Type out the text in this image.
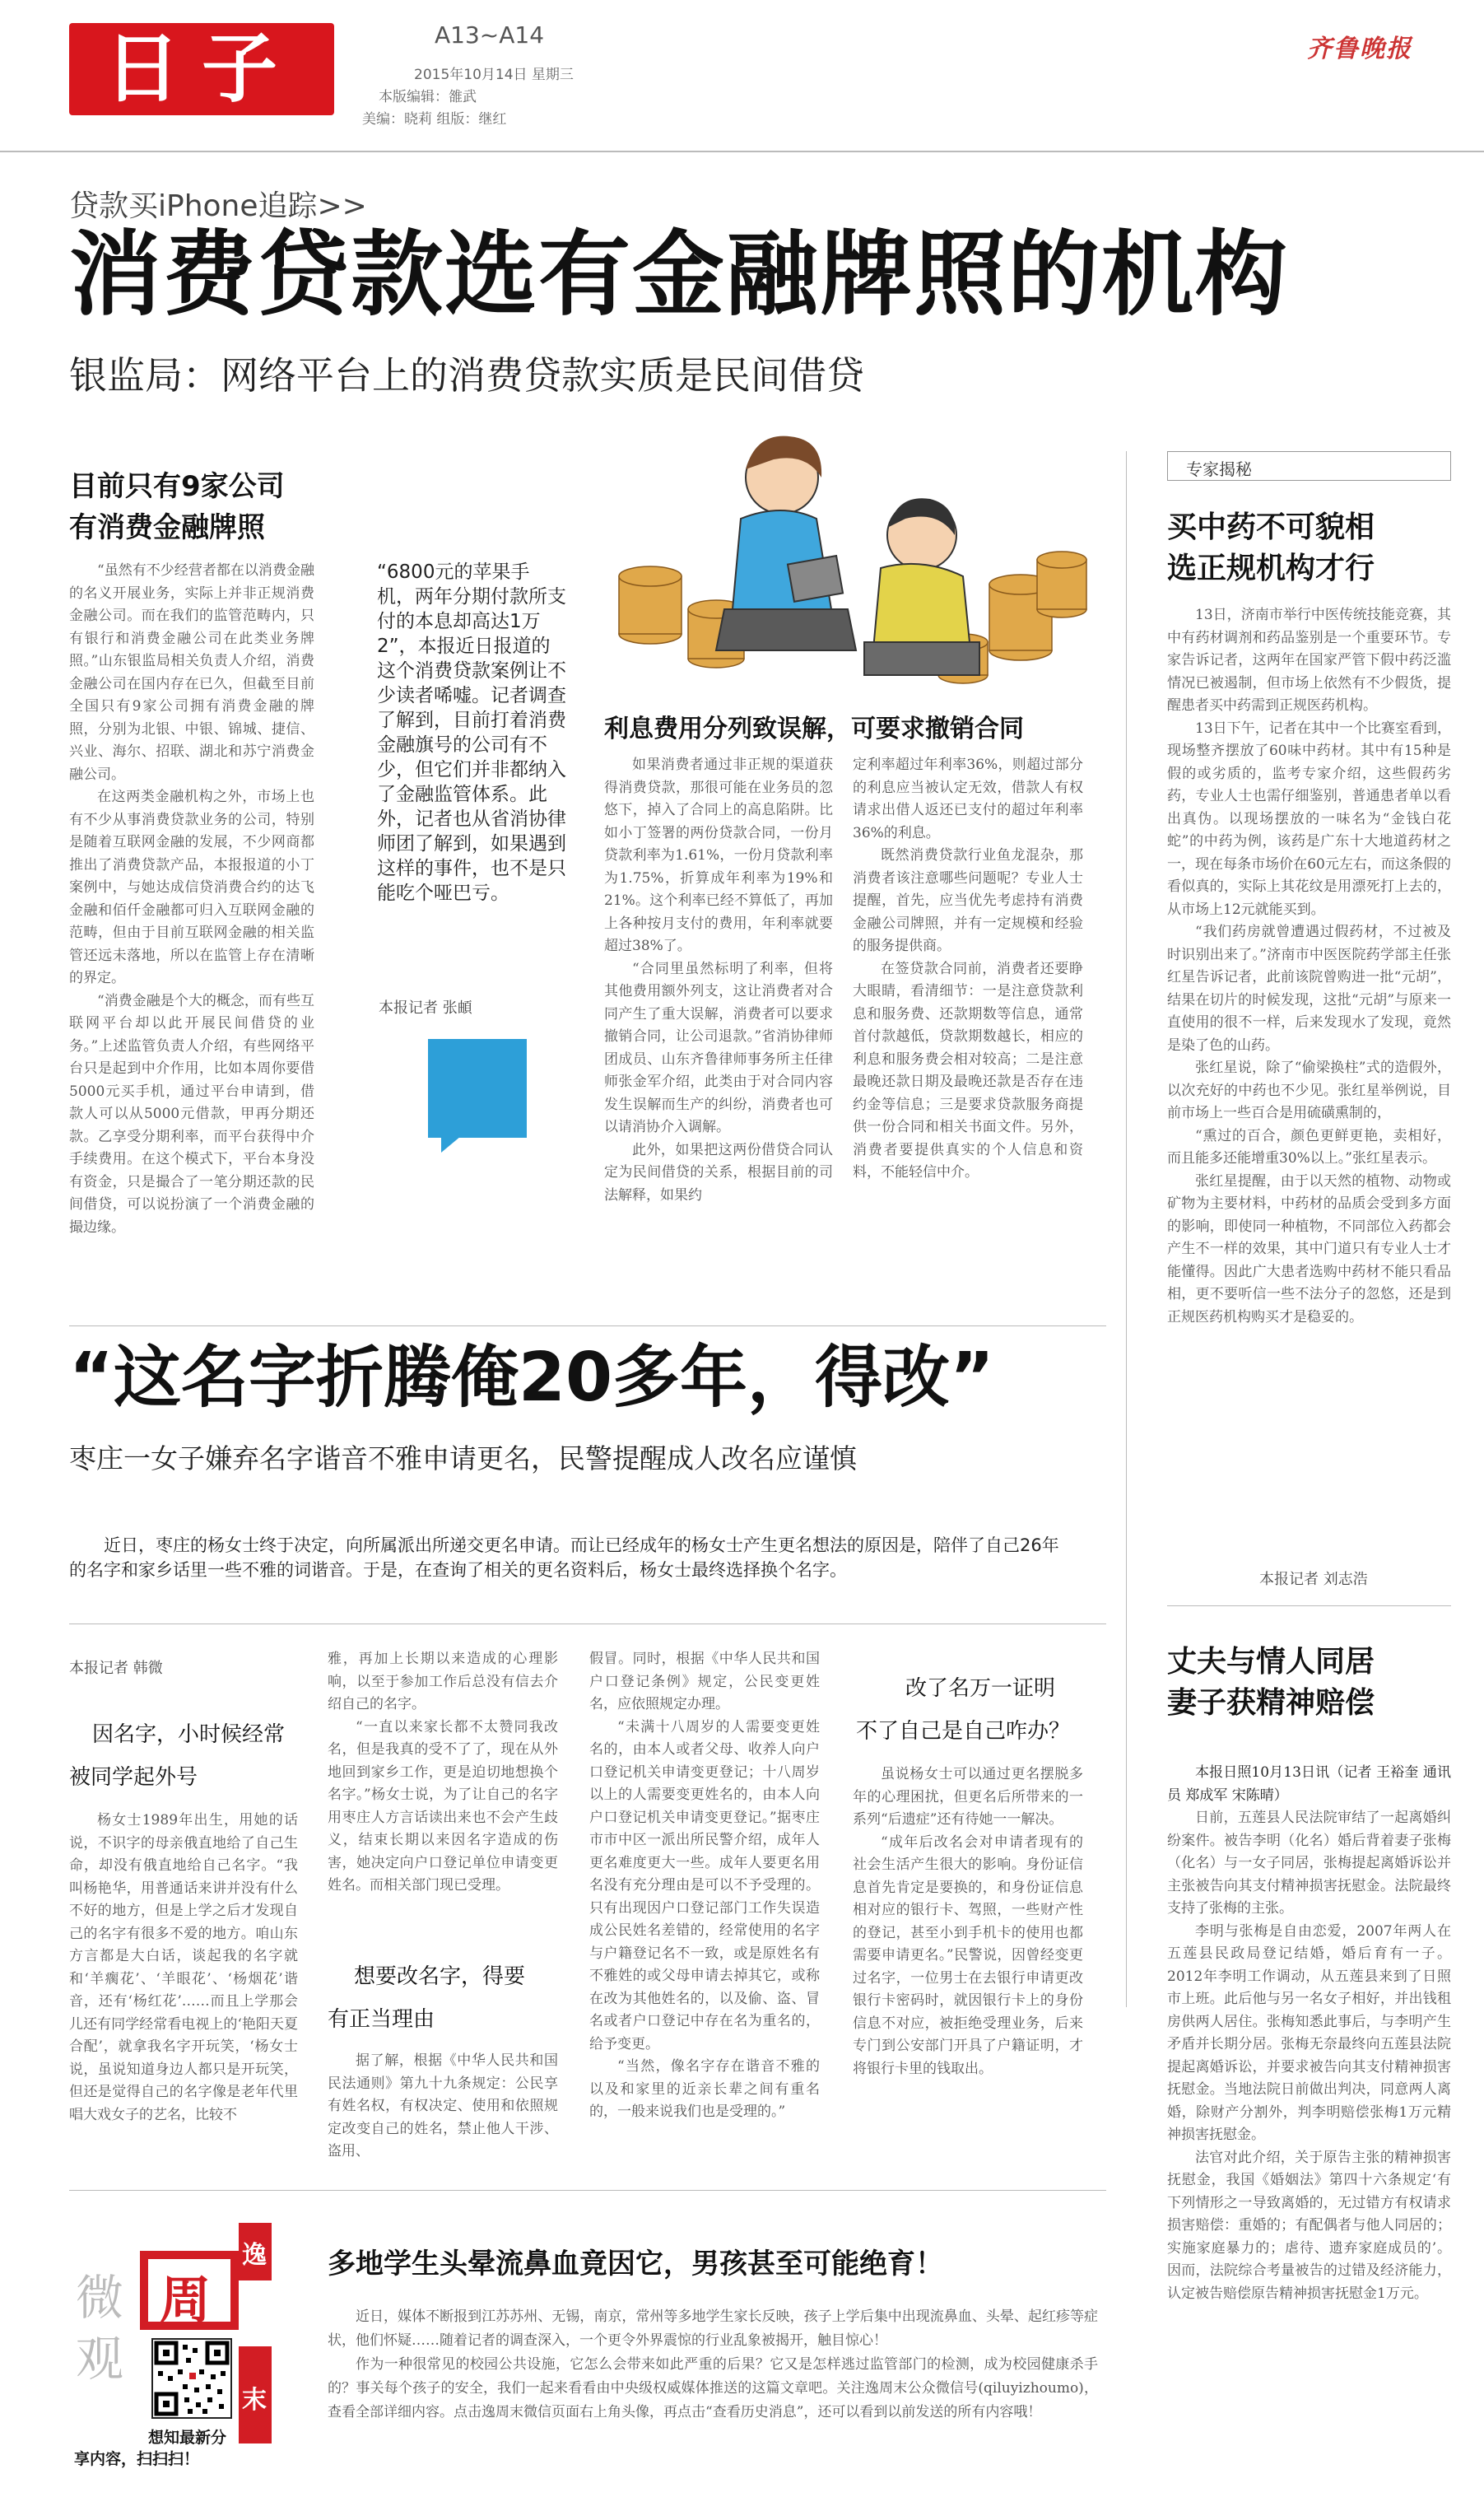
日子	A13~A14
2015年10月14日 星期三
本版编辑：雒武
美编：晓莉 组版：继红
齐鲁晚报
贷款买iPhone追踪>>
消费贷款选有金融牌照的机构
银监局：网络平台上的消费贷款实质是民间借贷
目前只有9家公司
有消费金融牌照

“虽然有不少经营者都在以消费金融的名义开展业务，实际上并非正规消费金融公司。而在我们的监管范畴内，只有银行和消费金融公司在此类业务牌照。”山东银监局相关负责人介绍，消费金融公司在国内存在已久，但截至目前全国只有9家公司拥有消费金融的牌照，分别为北银、中银、锦城、捷信、兴业、海尔、招联、湖北和苏宁消费金融公司。

在这两类金融机构之外，市场上也有不少从事消费贷款业务的公司，特别是随着互联网金融的发展，不少网商都推出了消费贷款产品，本报报道的小丁案例中，与她达成信贷消费合约的达飞金融和佰仟金融都可归入互联网金融的范畴，但由于目前互联网金融的相关监管还远未落地，所以在监管上存在清晰的界定。

“消费金融是个大的概念，而有些互联网平台却以此开展民间借贷的业务。”上述监管负责人介绍，有些网络平台只是起到中介作用，比如本周你要借5000元买手机，通过平台申请到，借款人可以从5000元借款，甲再分期还款。乙享受分期利率，而平台获得中介手续费用。在这个模式下，平台本身没有资金，只是撮合了一笔分期还款的民间借贷，可以说扮演了一个消费金融的撮边缘。

“6800元的苹果手机，两年分期付款所支付的本息却高达1万2”，本报近日报道的这个消费贷款案例让不少读者唏嘘。记者调查了解到，目前打着消费金融旗号的公司有不少，但它们并非都纳入了金融监管体系。此外，记者也从省消协律师团了解到，如果遇到这样的事件，也不是只能吃个哑巴亏。
本报记者 张頔
利息费用分列致误解，可要求撤销合同

如果消费者通过非正规的渠道获得消费贷款，那很可能在业务员的忽悠下，掉入了合同上的高息陷阱。比如小丁签署的两份贷款合同，一份月贷款利率为1.61%，一份月贷款利率为1.75%，折算成年利率为19%和21%。这个利率已经不算低了，再加上各种按月支付的费用，年利率就要超过38%了。

“合同里虽然标明了利率，但将其他费用额外列支，这让消费者对合同产生了重大误解，消费者可以要求撤销合同，让公司退款。”省消协律师团成员、山东齐鲁律师事务所主任律师张金军介绍，此类由于对合同内容发生误解而生产的纠纷，消费者也可以请消协介入调解。

此外，如果把这两份借贷合同认定为民间借贷的关系，根据目前的司法解释，如果约

定利率超过年利率36%，则超过部分的利息应当被认定无效，借款人有权请求出借人返还已支付的超过年利率36%的利息。

既然消费贷款行业鱼龙混杂，那消费者该注意哪些问题呢？专业人士提醒，首先，应当优先考虑持有消费金融公司牌照，并有一定规模和经验的服务提供商。

在签贷款合同前，消费者还要睁大眼睛，看清细节：一是注意贷款利息和服务费、还款期数等信息，通常首付款越低，贷款期数越长，相应的利息和服务费会相对较高；二是注意最晚还款日期及最晚还款是否存在违约金等信息；三是要求贷款服务商提供一份合同和相关书面文件。另外，消费者要提供真实的个人信息和资料，不能轻信中介。

专家揭秘
买中药不可貌相
选正规机构才行

13日，济南市举行中医传统技能竞赛，其中有药材调剂和药品鉴别是一个重要环节。专家告诉记者，这两年在国家严管下假中药泛滥情况已被遏制，但市场上依然有不少假货，提醒患者买中药需到正规医药机构。

13日下午，记者在其中一个比赛室看到，现场整齐摆放了60味中药材。其中有15种是假的或劣质的，监考专家介绍，这些假药劣药，专业人士也需仔细鉴别，普通患者单以看出真伪。以现场摆放的一味名为“金钱白花蛇”的中药为例，该药是广东十大地道药材之一，现在每条市场价在60元左右，而这条假的看似真的，实际上其花纹是用漂死打上去的，从市场上12元就能买到。

“我们药房就曾遭遇过假药材，不过被及时识别出来了。”济南市中医医院药学部主任张红星告诉记者，此前该院曾购进一批“元胡”，结果在切片的时候发现，这批“元胡”与原来一直使用的很不一样，后来发现水了发现，竟然是染了色的山药。

张红星说，除了“偷梁换柱”式的造假外，以次充好的中药也不少见。张红星举例说，目前市场上一些百合是用硫磺熏制的，

“熏过的百合，颜色更鲜更艳，卖相好，而且能多还能增重30%以上。”张红星表示。

张红星提醒，由于以天然的植物、动物或矿物为主要材料，中药材的品质会受到多方面的影响，即使同一种植物，不同部位入药都会产生不一样的效果，其中门道只有专业人士才能懂得。因此广大患者选购中药材不能只看品相，更不要听信一些不法分子的忽悠，还是到正规医药机构购买才是稳妥的。

本报记者 刘志浩
丈夫与情人同居
妻子获精神赔偿

本报日照10月13日讯（记者 王裕奎 通讯员 郑成军 宋陈晴）

日前，五莲县人民法院审结了一起离婚纠纷案件。被告李明（化名）婚后背着妻子张梅（化名）与一女子同居，张梅提起离婚诉讼并主张被告向其支付精神损害抚慰金。法院最终支持了张梅的主张。

李明与张梅是自由恋爱，2007年两人在五莲县民政局登记结婚，婚后育有一子。2012年李明工作调动，从五莲县来到了日照市上班。此后他与另一名女子相好，并出钱租房供两人居住。张梅知悉此事后，与李明产生矛盾并长期分居。张梅无奈最终向五莲县法院提起离婚诉讼，并要求被告向其支付精神损害抚慰金。当地法院日前做出判决，同意两人离婚，除财产分割外，判李明赔偿张梅1万元精神损害抚慰金。

法官对此介绍，关于原告主张的精神损害抚慰金，我国《婚姻法》第四十六条规定‘有下列情形之一导致离婚的，无过错方有权请求损害赔偿：重婚的；有配偶者与他人同居的；实施家庭暴力的；虐待、遗弃家庭成员的’。因而，法院综合考量被告的过错及经济能力，认定被告赔偿原告精神损害抚慰金1万元。

“这名字折腾俺20多年，得改”
枣庄一女子嫌弃名字谐音不雅申请更名，民警提醒成人改名应谨慎
近日，枣庄的杨女士终于决定，向所属派出所递交更名申请。而让已经成年的杨女士产生更名想法的原因是，陪伴了自己26年的名字和家乡话里一些不雅的词谐音。于是，在查询了相关的更名资料后，杨女士最终选择换个名字。
本报记者 韩微
因名字，小时候经常
被同学起外号

杨女士1989年出生，用她的话说，不识字的母亲俄直地给了自己生命，却没有俄直地给自己名字。“我叫杨艳华，用普通话来讲并没有什么不好的地方，但是上学之后才发现自己的名字有很多不爱的地方。咱山东方言都是大白话，谈起我的名字就和‘羊瘸花’、‘羊眼花’、‘杨烟花’谐音，还有‘杨红花’……而且上学那会儿还有同学经常看电视上的‘艳阳天夏合配’，就拿我名字开玩笑，‘杨女士说，虽说知道身边人都只是开玩笑，但还是觉得自己的名字像是老年代里唱大戏女子的艺名，比较不

雅，再加上长期以来造成的心理影响，以至于参加工作后总没有信去介绍自己的名字。

“一直以来家长都不太赞同我改名，但是我真的受不了了，现在从外地回到家乡工作，更是迫切地想换个名字。”杨女士说，为了让自己的名字用枣庄人方言话读出来也不会产生歧义，结束长期以来因名字造成的伤害，她决定向户口登记单位申请变更姓名。而相关部门现已受理。

想要改名字，得要
有正当理由

据了解，根据《中华人民共和国民法通则》第九十九条规定：公民享有姓名权，有权决定、使用和依照规定改变自己的姓名，禁止他人干涉、盗用、

假冒。同时，根据《中华人民共和国户口登记条例》规定，公民变更姓名，应依照规定办理。

“未满十八周岁的人需要变更姓名的，由本人或者父母、收养人向户口登记机关申请变更登记；十八周岁以上的人需要变更姓名的，由本人向户口登记机关申请变更登记。”据枣庄市市中区一派出所民警介绍，成年人更名难度更大一些。成年人要更名用名没有充分理由是可以不予受理的。只有出现因户口登记部门工作失误造成公民姓名差错的，经常使用的名字与户籍登记名不一致，或是原姓名有不雅姓的或父母申请去掉其它，或称在改为其他姓名的，以及偷、盗、冒名或者户口登记中存在名为重名的，给予变更。

“当然，像名字存在谐音不雅的以及和家里的近亲长辈之间有重名的，一般来说我们也是受理的。”

改了名万一证明
不了自己是自己咋办？

虽说杨女士可以通过更名摆脱多年的心理困扰，但更名后所带来的一系列“后遗症”还有待她一一解决。

“成年后改名会对申请者现有的社会生活产生很大的影响。身份证信息首先肯定是要换的，和身份证信息相对应的银行卡、驾照，一些财产性的登记，甚至小到手机卡的使用也都需要申请更名。”民警说，因曾经变更过名字，一位男士在去银行申请更改银行卡密码时，就因银行卡上的身份信息不对应，被拒绝受理业务，后来专门到公安部门开具了户籍证明，才将银行卡里的钱取出。

微
观
周
逸
末
想知最新分
享内容，扫扫扫！
多地学生头晕流鼻血竟因它，男孩甚至可能绝育！

近日，媒体不断报到江苏苏州、无锡，南京，常州等多地学生家长反映，孩子上学后集中出现流鼻血、头晕、起红疹等症状，他们怀疑……随着记者的调查深入，一个更令外界震惊的行业乱象被揭开，触目惊心！

作为一种很常见的校园公共设施，它怎么会带来如此严重的后果？它又是怎样逃过监管部门的检测，成为校园健康杀手的？事关每个孩子的安全，我们一起来看看由中央级权威媒体推送的这篇文章吧。关注逸周末公众微信号(qiluyizhoumo)，查看全部详细内容。点击逸周末微信页面右上角头像，再点击“查看历史消息”，还可以看到以前发送的所有内容哦！
